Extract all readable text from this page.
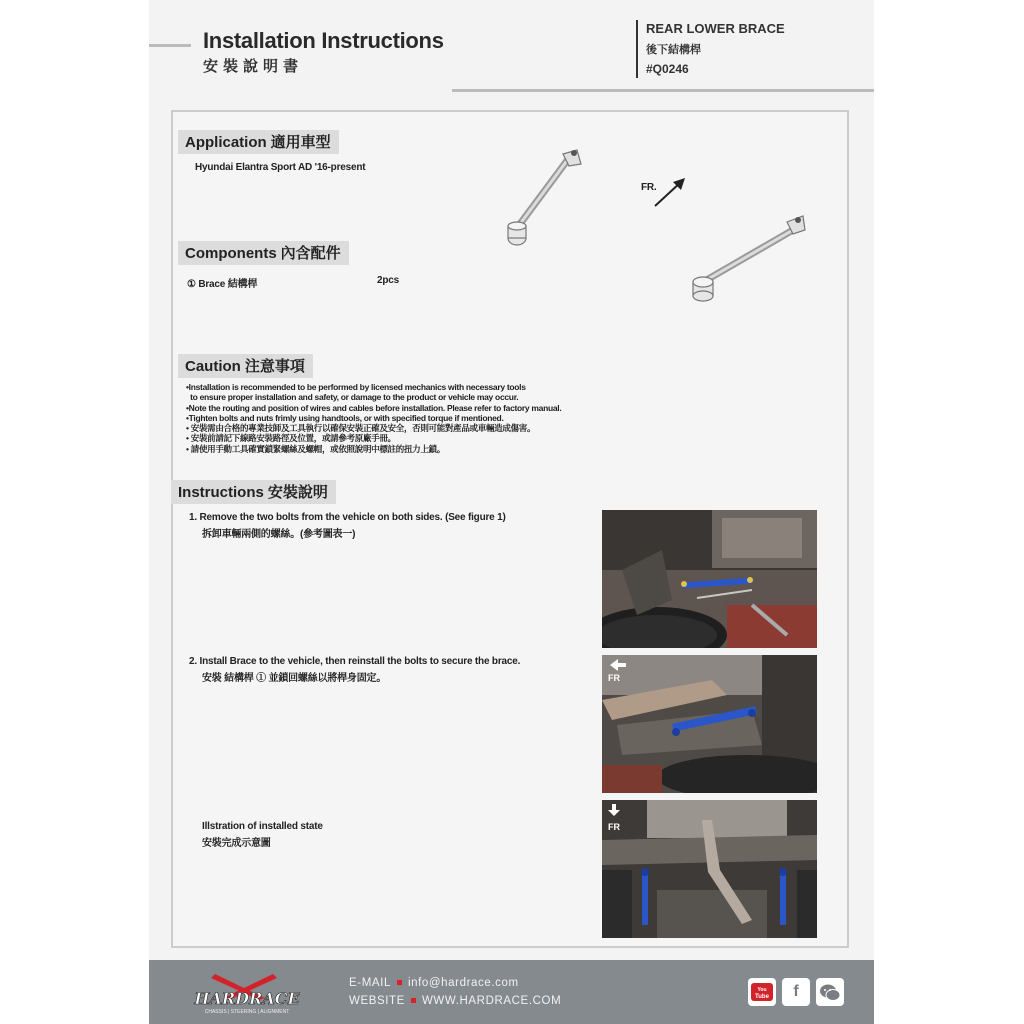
Installation Instructions
安裝說明書
REAR LOWER BRACE
後下結構桿
#Q0246
Application 適用車型
Hyundai Elantra Sport AD '16-present
FR.
Components 內含配件
① Brace 結構桿	2pcs
Caution 注意事項
•Installation is recommended to be performed by licensed mechanics with necessary tools
to ensure proper installation and safety, or damage to the product or vehicle may occur.
•Note the routing and position of wires and cables before installation. Please refer to factory manual.
•Tighten bolts and nuts frimly using handtools, or with specified torque if mentioned.
• 安裝需由合格的專業技師及工具執行以確保安裝正確及安全，否則可能對產品或車輛造成傷害。
• 安裝前請記下線路安裝路徑及位置，或請參考原廠手冊。
• 請使用手動工具確實鎖緊螺絲及螺帽，或依照說明中標註的扭力上鎖。
Instructions 安裝說明
1. Remove the two bolts from the vehicle on both sides. (See figure 1)
拆卸車輛兩側的螺絲。(參考圖表一)
2. Install Brace to the vehicle, then reinstall the bolts to secure the brace.
安裝 結構桿 ① 並鎖回螺絲以將桿身固定。
Illstration of installed state
安裝完成示意圖
FR
FR
HARDRACE
CHASSIS | STEERING | ALIGNMENT
E-MAIL info@hardrace.com
WEBSITE WWW.HARDRACE.COM
You
Tube	f
